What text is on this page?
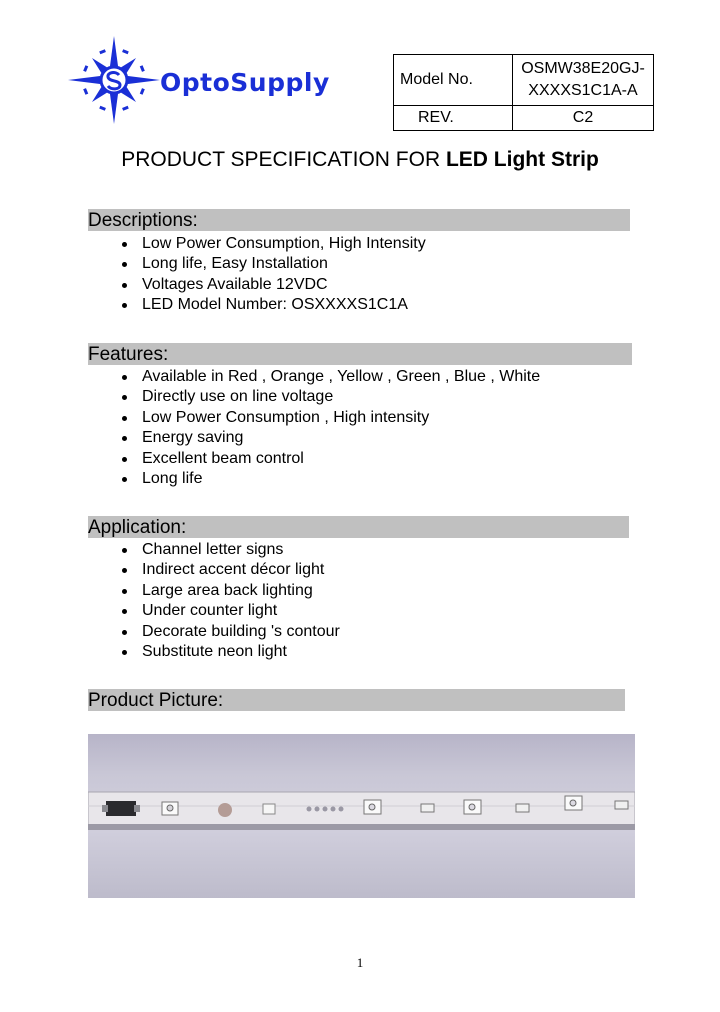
OptoSupply	Model No.	OSMW38E20GJ-
XXXXS1C1A-A

REV.	C2
PRODUCT SPECIFICATION FOR LED Light Strip
Descriptions:
Low Power Consumption, High Intensity
Long life, Easy Installation
Voltages Available 12VDC
LED Model Number: OSXXXXS1C1A
Features:
Available in Red , Orange , Yellow , Green , Blue , White
Directly use on line voltage
Low Power Consumption , High intensity
Energy saving
Excellent beam control
Long life
Application:
Channel letter signs
Indirect accent décor light
Large area back lighting
Under counter light
Decorate building 's contour
Substitute neon light
Product Picture:
1
